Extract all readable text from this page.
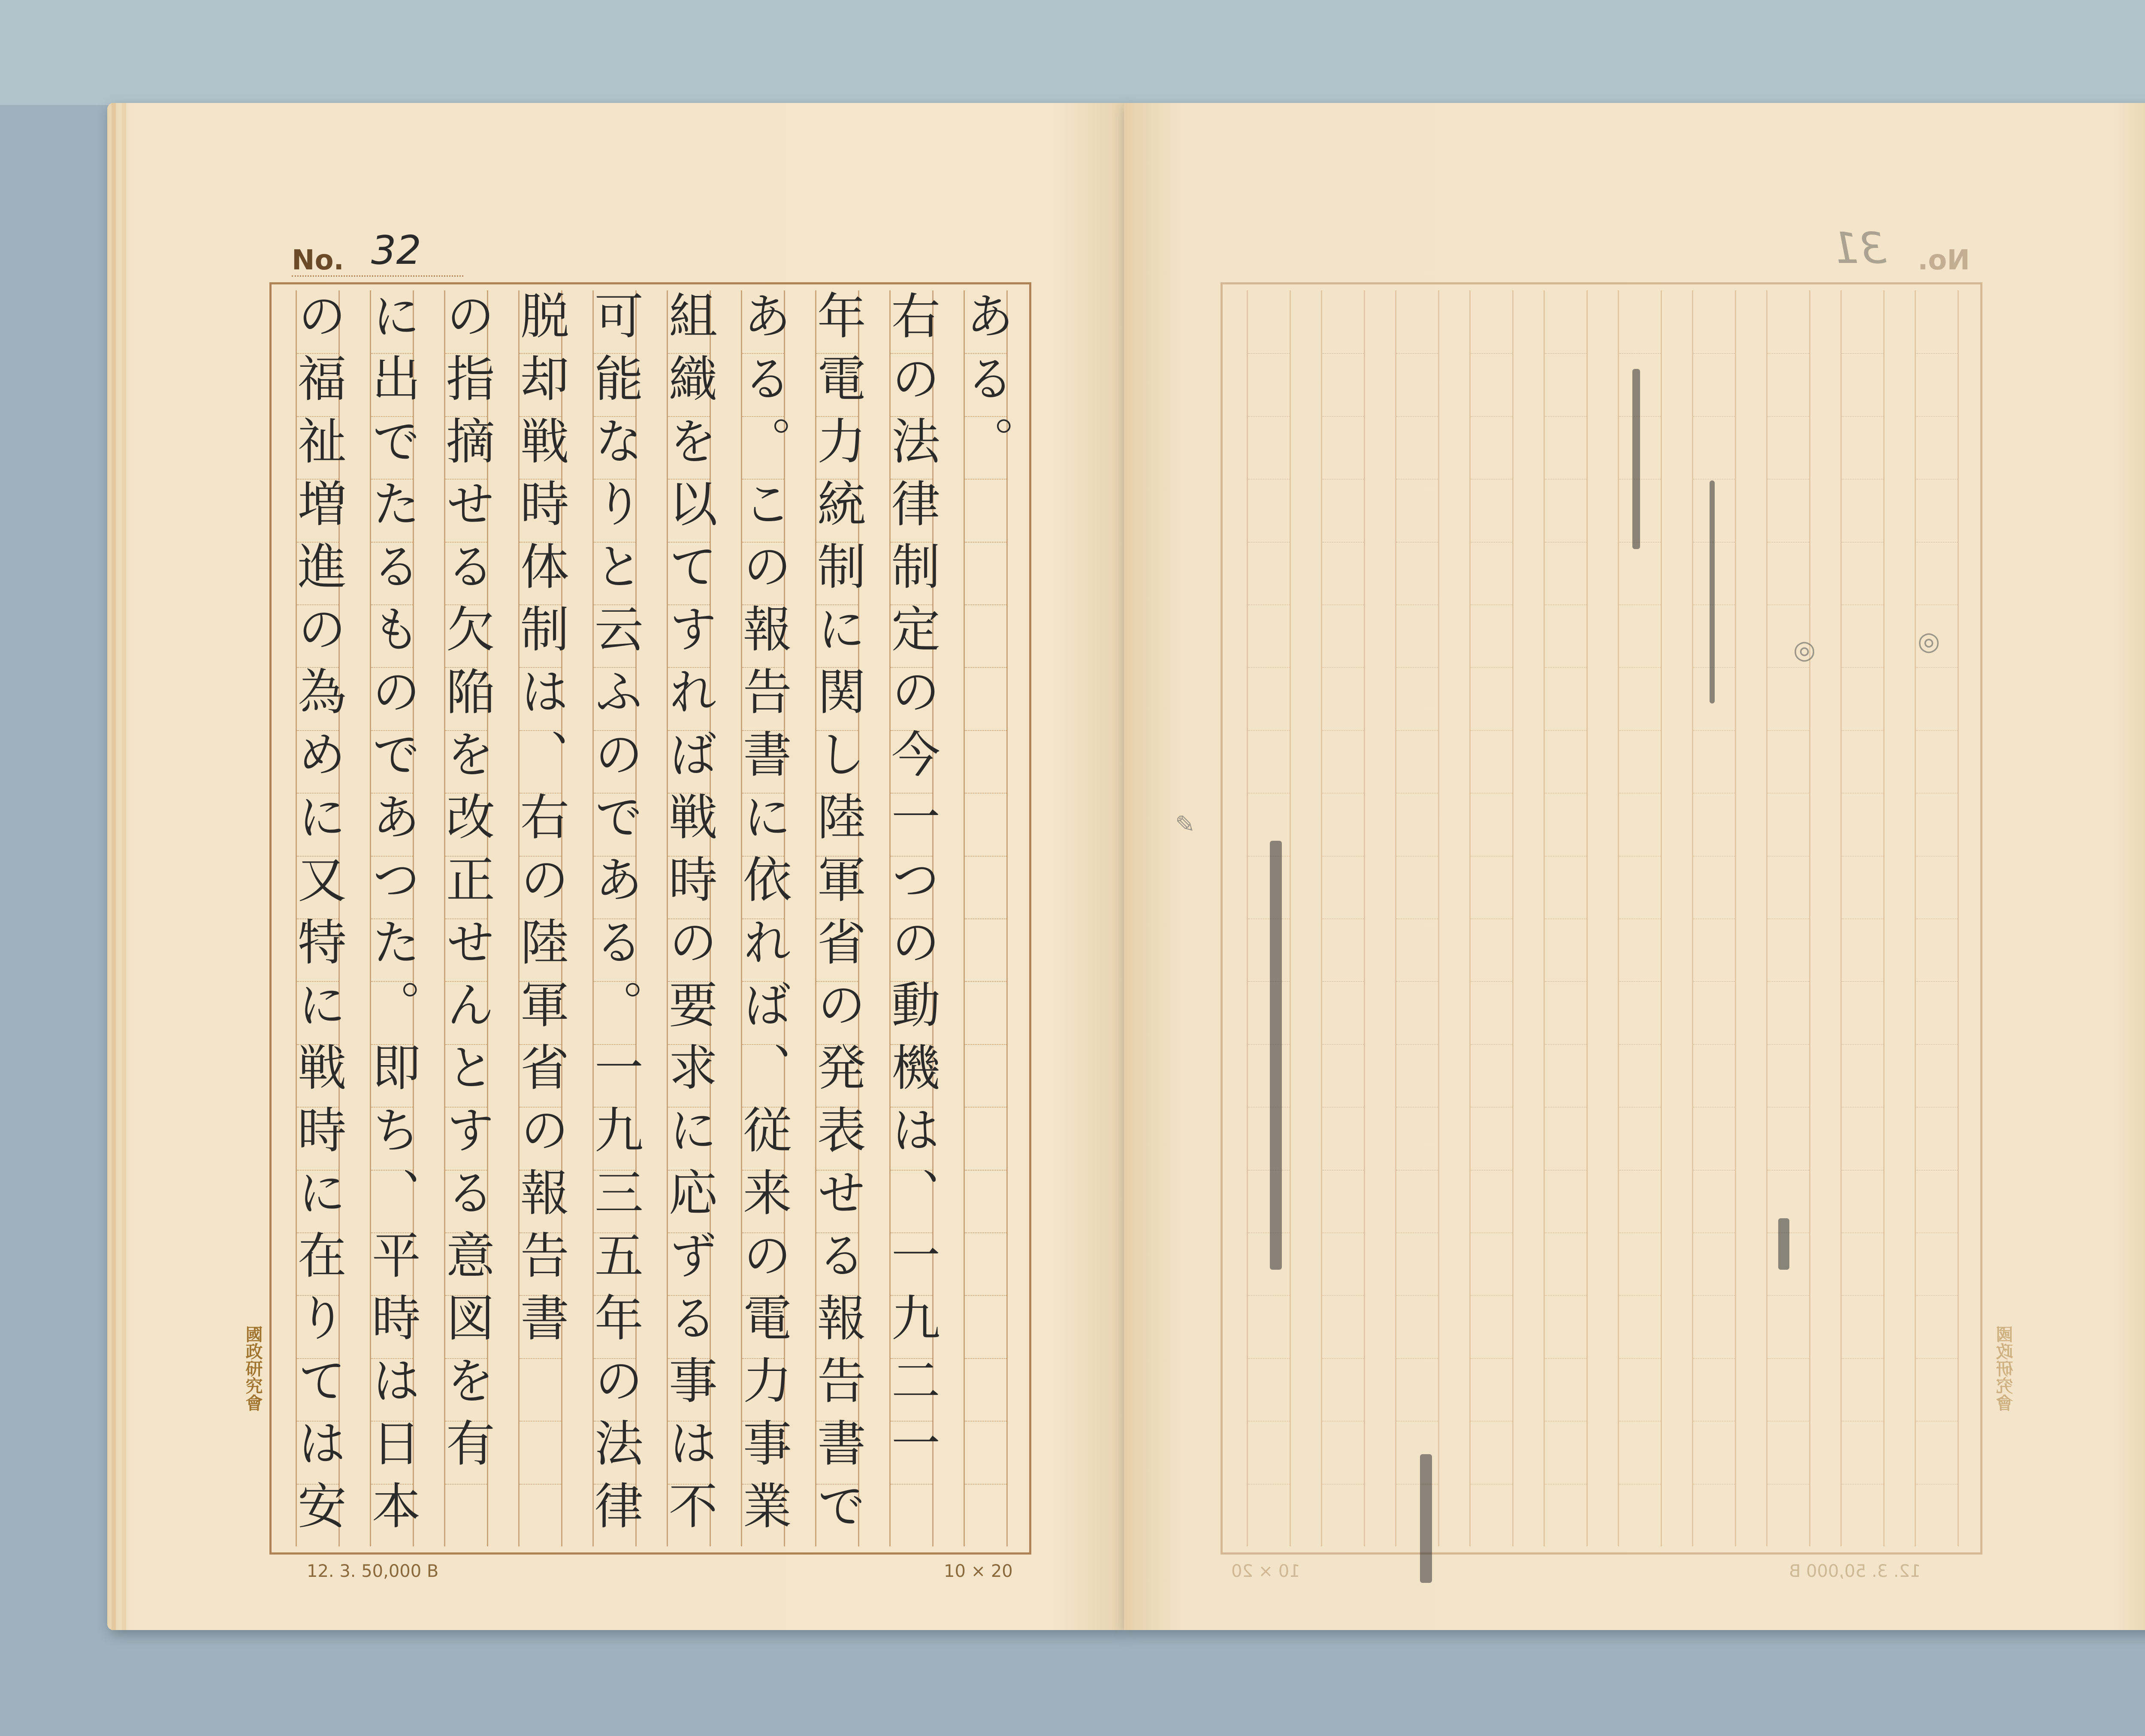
No. 32
ある。
右の法律制定の今一つの動機は、一九二一
年電力統制に関し陸軍省の発表せる報告書で
ある。この報告書に依れば、従来の電力事業
組織を以てすれば戦時の要求に応ずる事は不
可能なりと云ふのである。一九三五年の法律
脱却戦時体制は、右の陸軍省の報告書
の指摘せる欠陥を改正せんとする意図を有
に出でたるものであつた。即ち、平時は日本
の福祉増進の為めに又特に戦時に在りては安
國政研究會
12. 3. 50,000 B	10 × 20
No.
31
國政研究會
12. 3. 50,000 B
10 × 20
◎
◎
✎
